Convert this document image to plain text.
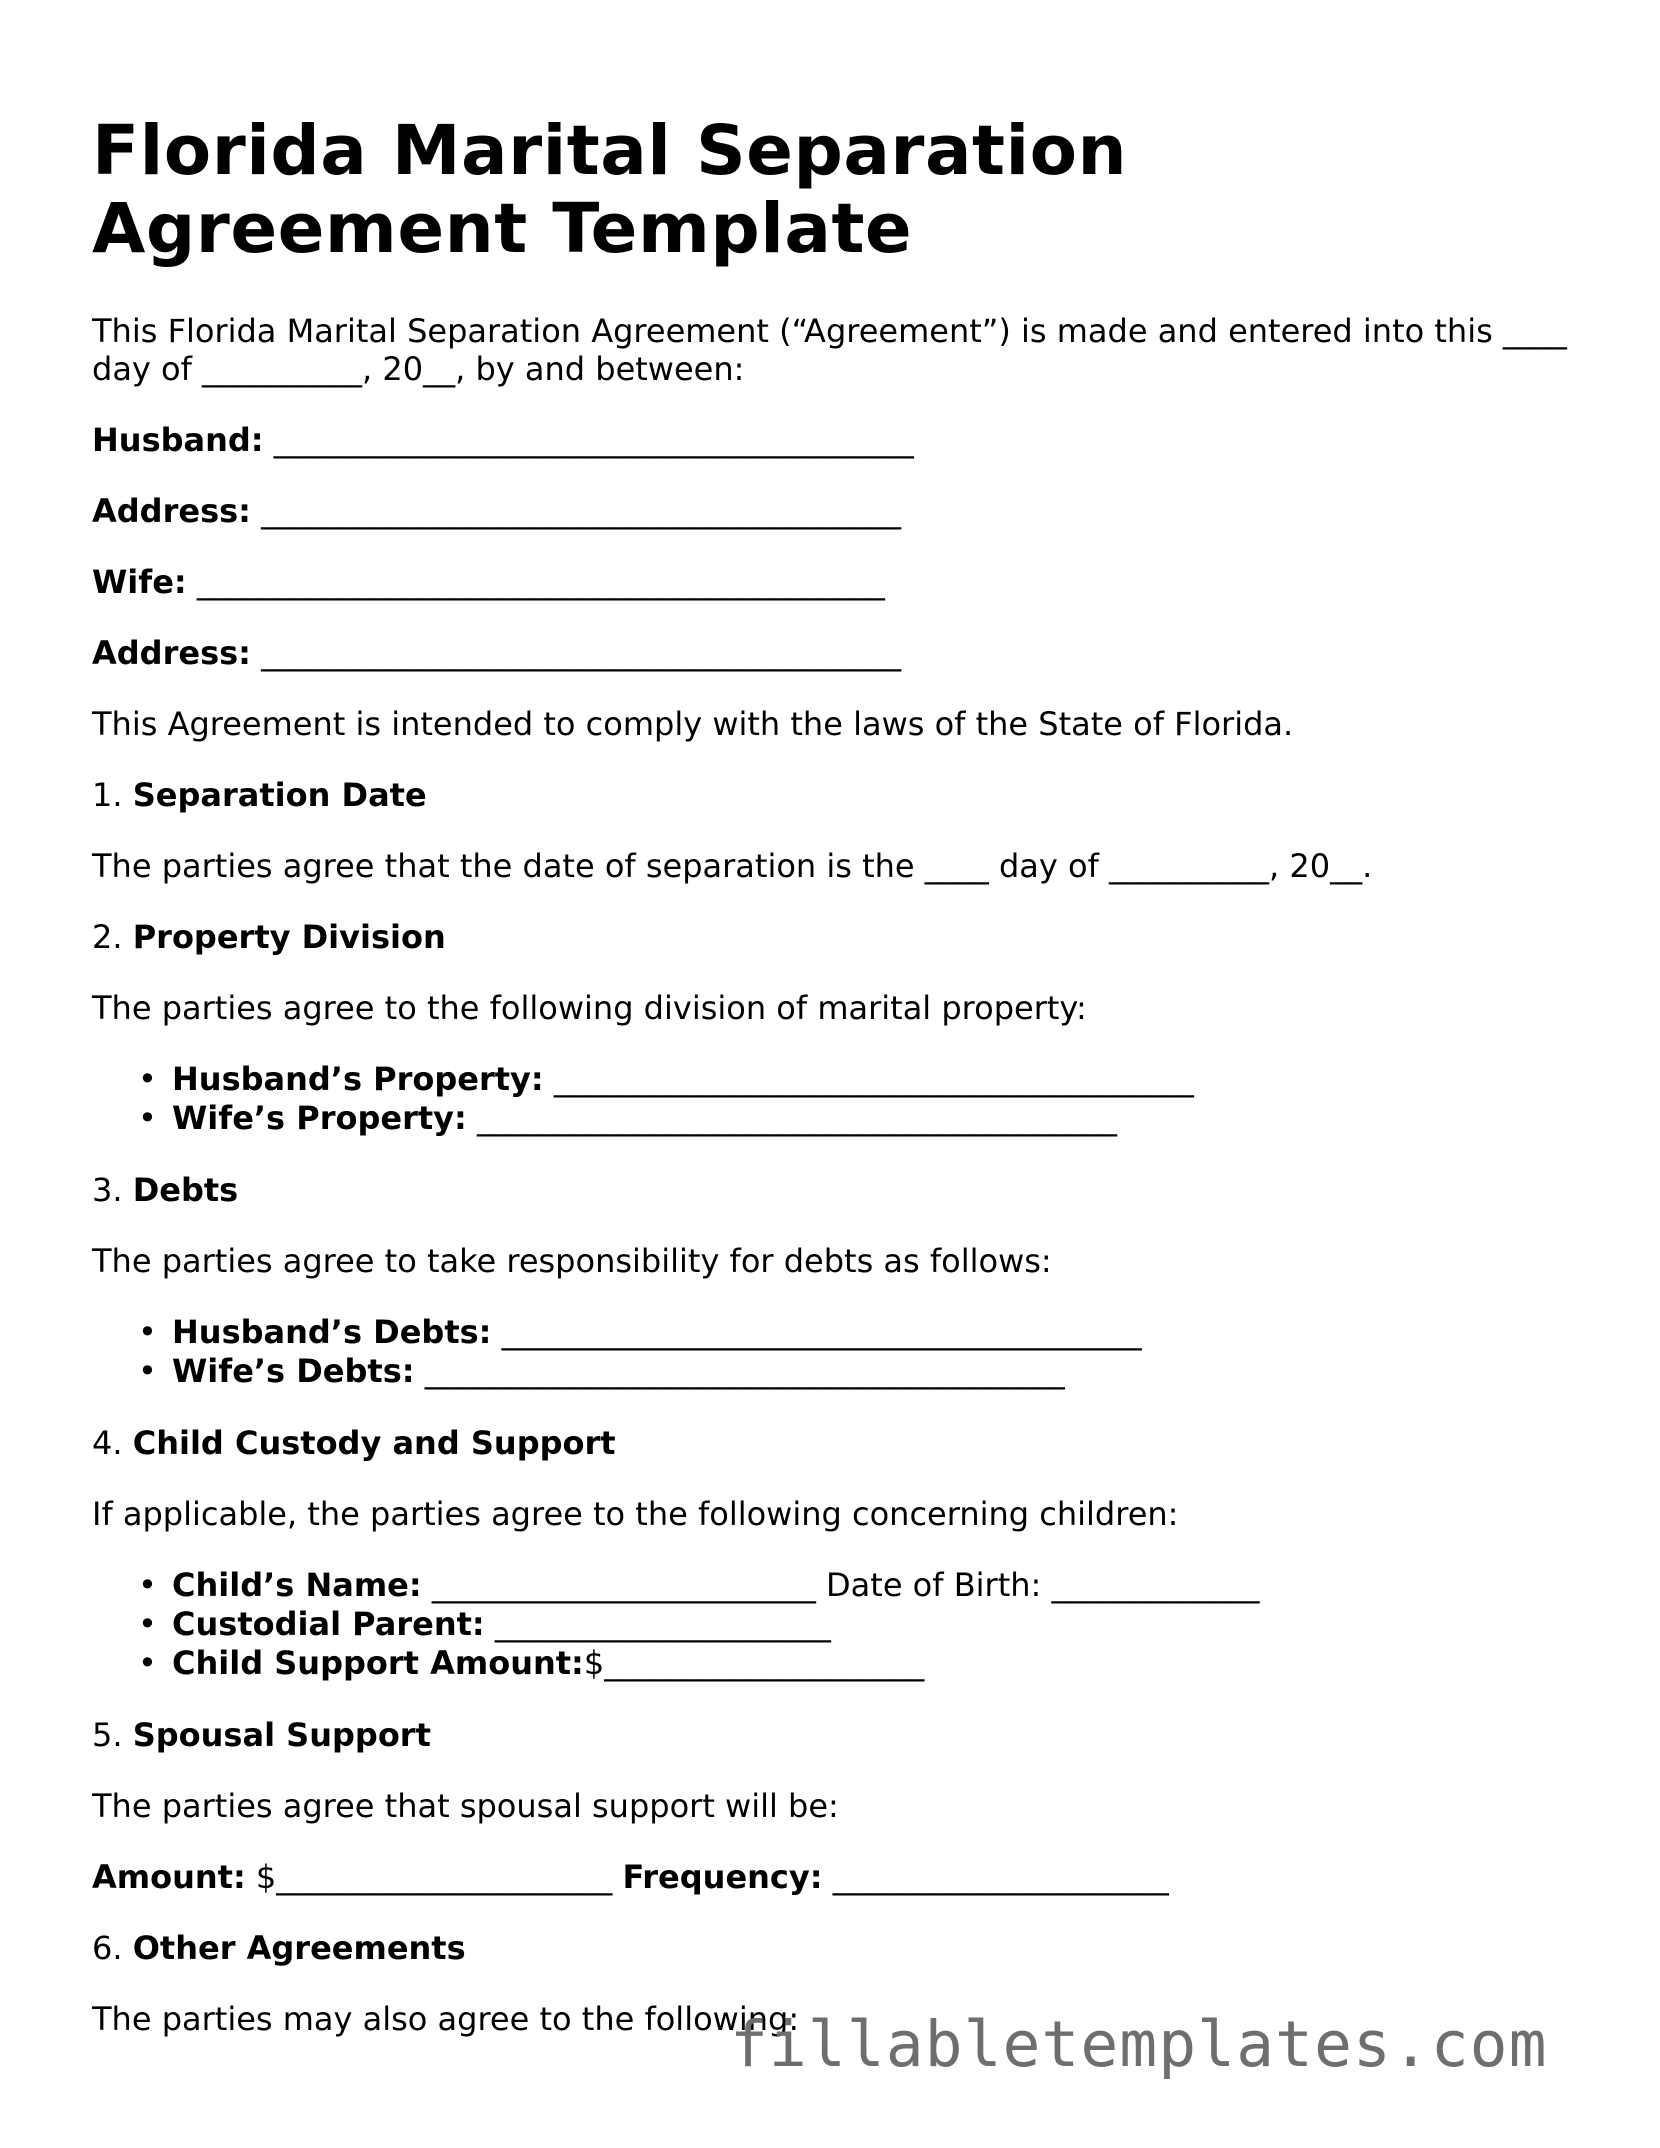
Florida Marital Separation Agreement Template

This Florida Marital Separation Agreement (“Agreement”) is made and entered into this ____ day of __________, 20__, by and between:

Husband: ________________________________________
Address: ________________________________________
Wife: ___________________________________________
Address: ________________________________________

This Agreement is intended to comply with the laws of the State of Florida.

1. Separation Date

The parties agree that the date of separation is the ____ day of __________, 20__.

2. Property Division

The parties agree to the following division of marital property:

• Husband’s Property: ________________________________________
• Wife’s Property: ________________________________________
3. Debts

The parties agree to take responsibility for debts as follows:

• Husband’s Debts: ________________________________________
• Wife’s Debts: ________________________________________
4. Child Custody and Support

If applicable, the parties agree to the following concerning children:

• Child’s Name: ________________________ Date of Birth: _____________
• Custodial Parent: _____________________
• Child Support Amount:$____________________
5. Spousal Support

The parties agree that spousal support will be:

Amount: $_____________________ Frequency: _____________________
6. Other Agreements

The parties may also agree to the following:

fillabletemplates.com
